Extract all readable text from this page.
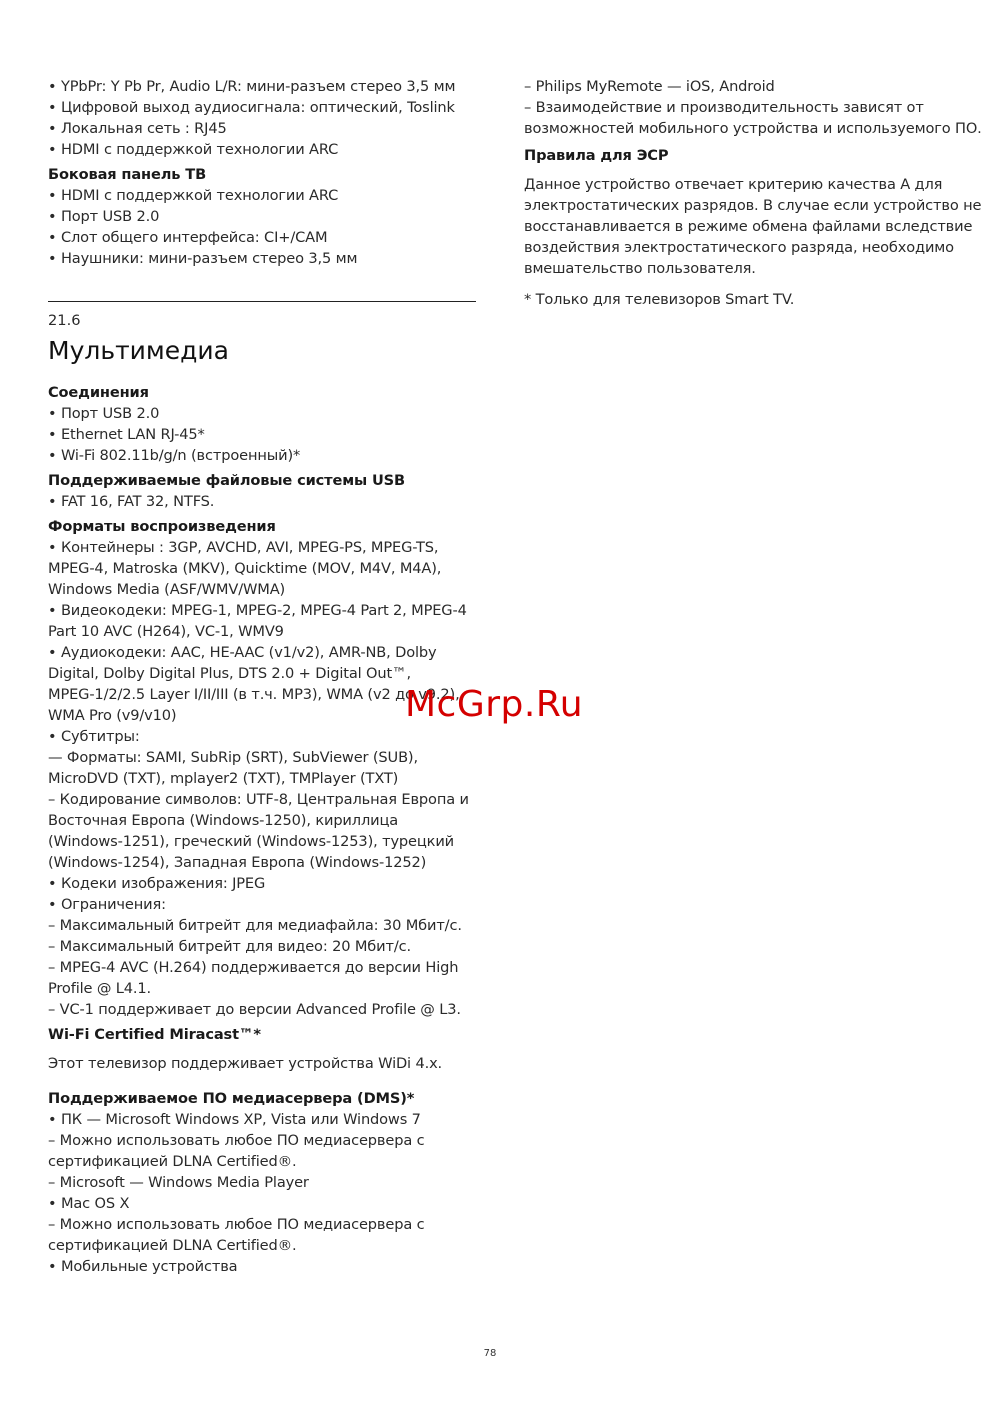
• YPbPr: Y Pb Pr, Audio L/R: мини-разъем стерео 3,5 мм
• Цифровой выход аудиосигнала: оптический, Toslink
• Локальная сеть : RJ45
• HDMI с поддержкой технологии ARC
Боковая панель ТВ
• HDMI с поддержкой технологии ARC
• Порт USB 2.0
• Слот общего интерфейса: CI+/CAM
• Наушники: мини-разъем стерео 3,5 мм
21.6
Мультимедиа
Соединения
• Порт USB 2.0
• Ethernet LAN RJ-45*
• Wi-Fi 802.11b/g/n (встроенный)*
Поддерживаемые файловые системы USB
• FAT 16, FAT 32, NTFS.
Форматы воспроизведения
• Контейнеры : 3GP, AVCHD, AVI, MPEG-PS, MPEG-TS,
MPEG-4, Matroska (MKV), Quicktime (MOV, M4V, M4A),
Windows Media (ASF/WMV/WMA)
• Видеокодеки: MPEG-1, MPEG-2, MPEG-4 Part 2, MPEG-4
Part 10 AVC (H264), VC-1, WMV9
• Аудиокодеки: AAC, HE-AAC (v1/v2), AMR-NB, Dolby
Digital, Dolby Digital Plus, DTS 2.0 + Digital Out™,
MPEG-1/2/2.5 Layer I/II/III (в т.ч. MP3), WMA (v2 до v9.2),
WMA Pro (v9/v10)
• Субтитры:
— Форматы: SAMI, SubRip (SRT), SubViewer (SUB),
MicroDVD (TXT), mplayer2 (TXT), TMPlayer (TXT)
– Кодирование символов: UTF-8, Центральная Европа и
Восточная Европа (Windows-1250), кириллица
(Windows-1251), греческий (Windows-1253), турецкий
(Windows-1254), Западная Европа (Windows-1252)
• Кодеки изображения: JPEG
• Ограничения:
– Максимальный битрейт для медиафайла: 30 Мбит/с.
– Максимальный битрейт для видео: 20 Мбит/с.
– MPEG-4 AVC (H.264) поддерживается до версии High
Profile @ L4.1.
– VC-1 поддерживает до версии Advanced Profile @ L3.
Wi-Fi Certified Miracast™*
Этот телевизор поддерживает устройства WiDi 4.x.
Поддерживаемое ПО медиасервера (DMS)*
• ПК — Microsoft Windows XP, Vista или Windows 7
– Можно использовать любое ПО медиасервера с
сертификацией DLNA Certified®.
– Microsoft — Windows Media Player
• Mac OS X
– Можно использовать любое ПО медиасервера с
сертификацией DLNA Certified®.
• Мобильные устройства
– Philips MyRemote — iOS, Android
– Взаимодействие и производительность зависят от
возможностей мобильного устройства и используемого ПО.
Правила для ЭСР
Данное устройство отвечает критерию качества A для
электростатических разрядов. В случае если устройство не
восстанавливается в режиме обмена файлами вследствие
воздействия электростатического разряда, необходимо
вмешательство пользователя.
* Только для телевизоров Smart TV.
McGrp.Ru
78
